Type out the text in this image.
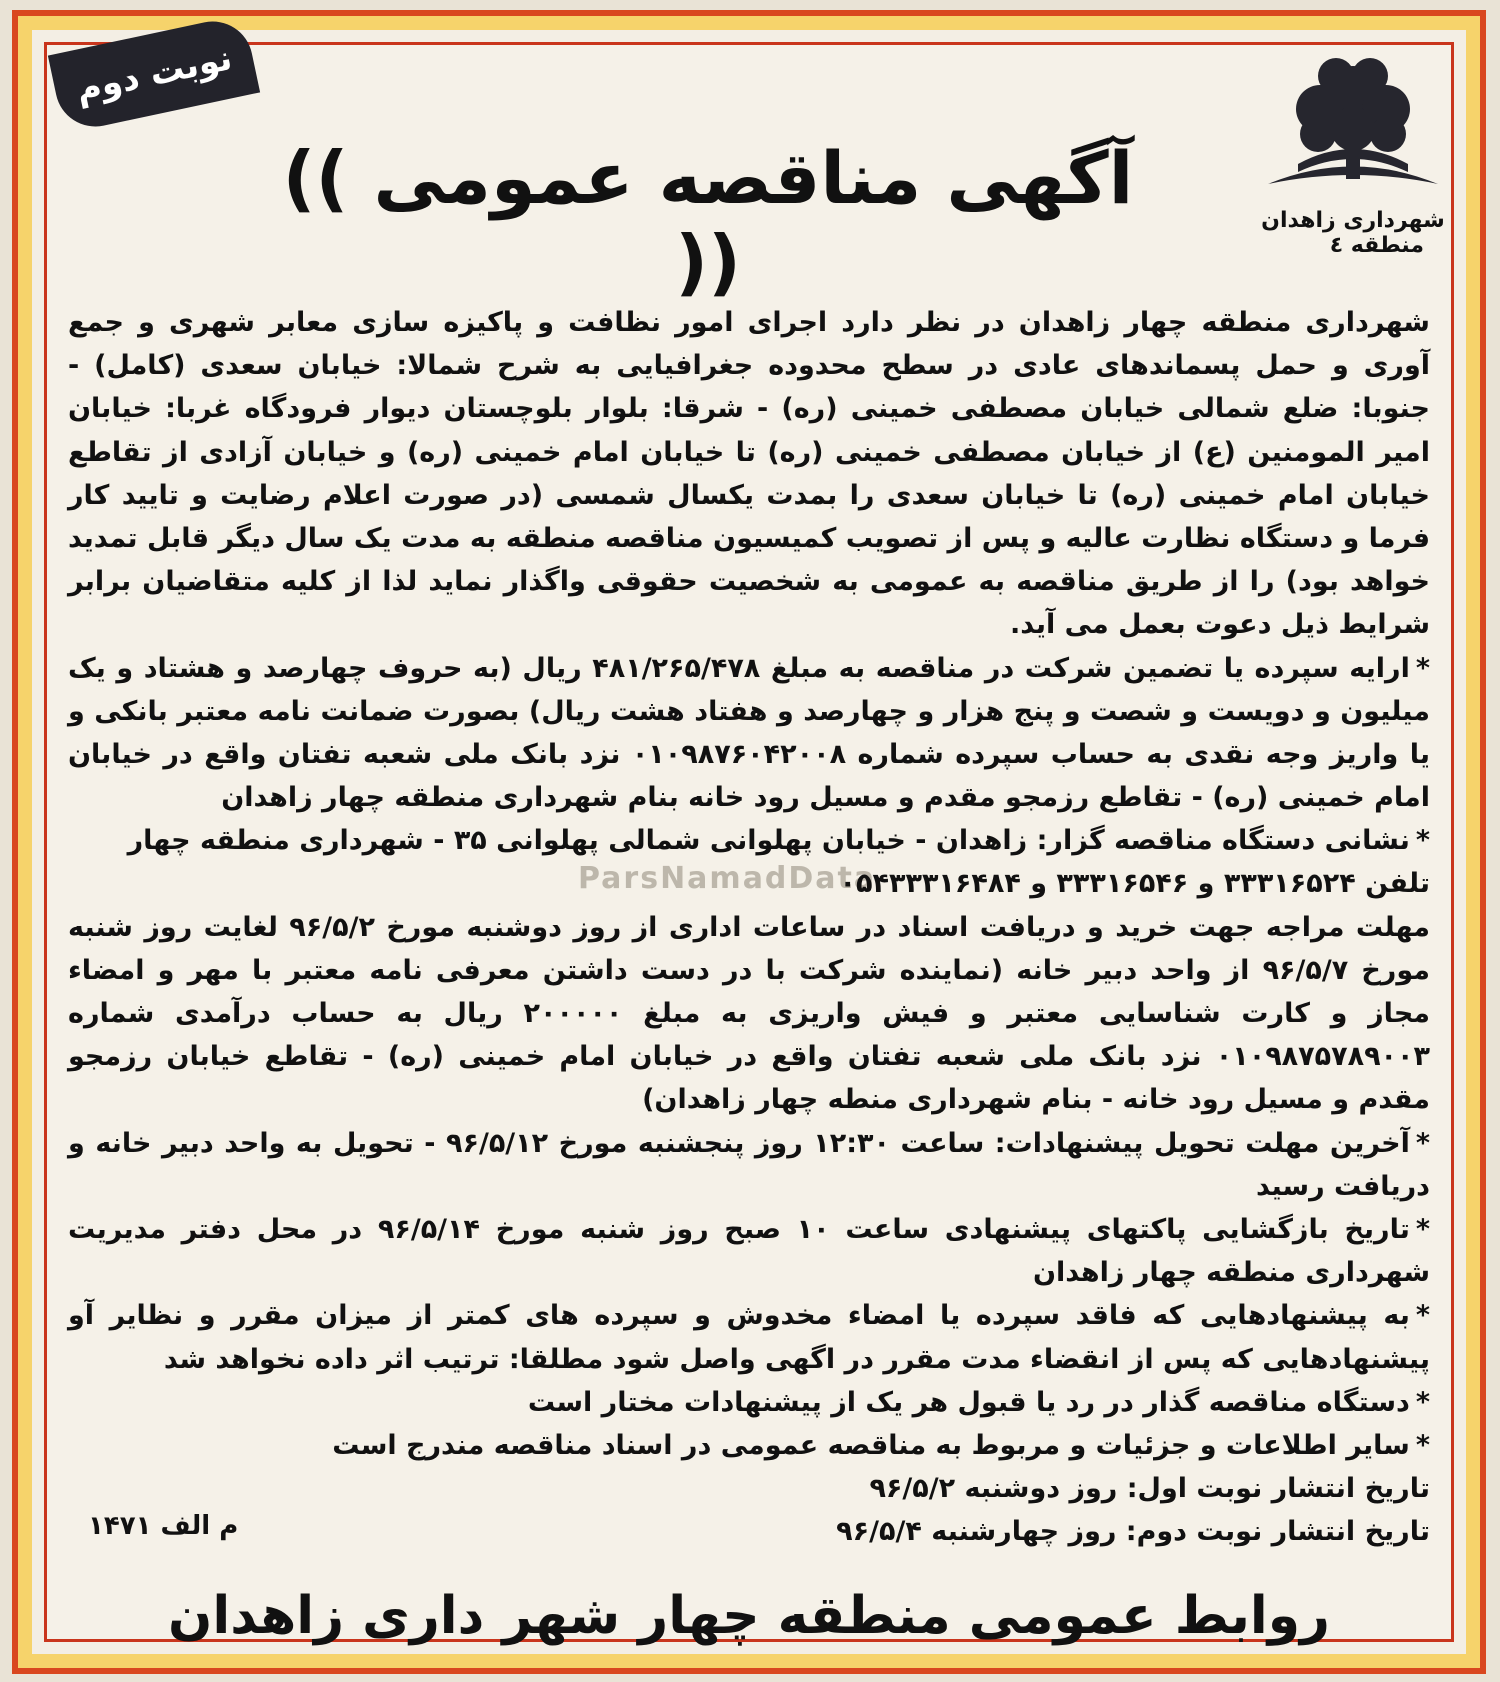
نوبت دوم
شهرداری زاهدان
منطقه ٤
(( آگهی مناقصه عمومی ))
ParsNamadData

شهرداری منطقه چهار زاهدان در نظر دارد اجرای امور نظافت و پاکیزه سازی معابر شهری و جمع آوری و حمل پسماندهای عادی در سطح محدوده جغرافیایی به شرح شمالا: خیابان سعدی (کامل) - جنوبا: ضلع شمالی خیابان مصطفی خمینی (ره) - شرقا: بلوار بلوچستان دیوار فرودگاه غربا: خیابان امیر المومنین (ع) از خیابان مصطفی خمینی (ره) تا خیابان امام خمینی (ره) و خیابان آزادی از تقاطع خیابان امام خمینی (ره) تا خیابان سعدی را بمدت یکسال شمسی (در صورت اعلام رضایت و تایید کار فرما و دستگاه نظارت عالیه و پس از تصویب کمیسیون مناقصه منطقه به مدت یک سال دیگر قابل تمدید خواهد بود) را از طریق مناقصه به عمومی به شخصیت حقوقی واگذار نماید لذا از کلیه متقاضیان برابر شرایط ذیل دعوت بعمل می آید.

* ارایه سپرده یا تضمین شرکت در مناقصه به مبلغ ۴۸۱/۲۶۵/۴۷۸ ریال (به حروف چهارصد و هشتاد و یک میلیون و دویست و شصت و پنج هزار و چهارصد و هفتاد هشت ریال) بصورت ضمانت نامه معتبر بانکی و یا واریز وجه نقدی به حساب سپرده شماره ۰۱۰۹۸۷۶۰۴۲۰۰۸ نزد بانک ملی شعبه تفتان واقع در خیابان امام خمینی (ره) - تقاطع رزمجو مقدم و مسیل رود خانه بنام شهرداری منطقه چهار زاهدان

* نشانی دستگاه مناقصه گزار: زاهدان - خیابان پهلوانی شمالی پهلوانی ۳۵ - شهرداری منطقه چهار

تلفن ۳۳۳۱۶۵۲۴ و ۳۳۳۱۶۵۴۶ و ۰۵۴۳۳۳۱۶۴۸۴

مهلت مراجه جهت خرید و دریافت اسناد در ساعات اداری از روز دوشنبه مورخ ۹۶/۵/۲ لغایت روز شنبه مورخ ۹۶/۵/۷ از واحد دبیر خانه (نماینده شرکت با در دست داشتن معرفی نامه معتبر با مهر و امضاء مجاز و کارت شناسایی معتبر و فیش واریزی به مبلغ ۲۰۰۰۰۰ ریال به حساب درآمدی شماره ۰۱۰۹۸۷۵۷۸۹۰۰۳ نزد بانک ملی شعبه تفتان واقع در خیابان امام خمینی (ره) - تقاطع خیابان رزمجو مقدم و مسیل رود خانه - بنام شهرداری منطه چهار زاهدان)

* آخرین مهلت تحویل پیشنهادات: ساعت ۱۲:۳۰ روز پنجشنبه مورخ ۹۶/۵/۱۲ - تحویل به واحد دبیر خانه و دریافت رسید

* تاریخ بازگشایی پاکتهای پیشنهادی ساعت ۱۰ صبح روز شنبه مورخ ۹۶/۵/۱۴ در محل دفتر مدیریت شهرداری منطقه چهار زاهدان

* به پیشنهادهایی که فاقد سپرده یا امضاء مخدوش و سپرده های کمتر از میزان مقرر و نظایر آو پیشنهادهایی که پس از انقضاء مدت مقرر در اگهی واصل شود مطلقا: ترتیب اثر داده نخواهد شد

* دستگاه مناقصه گذار در رد یا قبول هر یک از پیشنهادات مختار است

* سایر اطلاعات و جزئیات و مربوط به مناقصه عمومی در اسناد مناقصه مندرج است

تاریخ انتشار نوبت اول: روز دوشنبه ۹۶/۵/۲

تاریخ انتشار نوبت دوم: روز چهارشنبه ۹۶/۵/۴

م الف ۱۴۷۱
روابط عمومی منطقه چهار شهر داری زاهدان
